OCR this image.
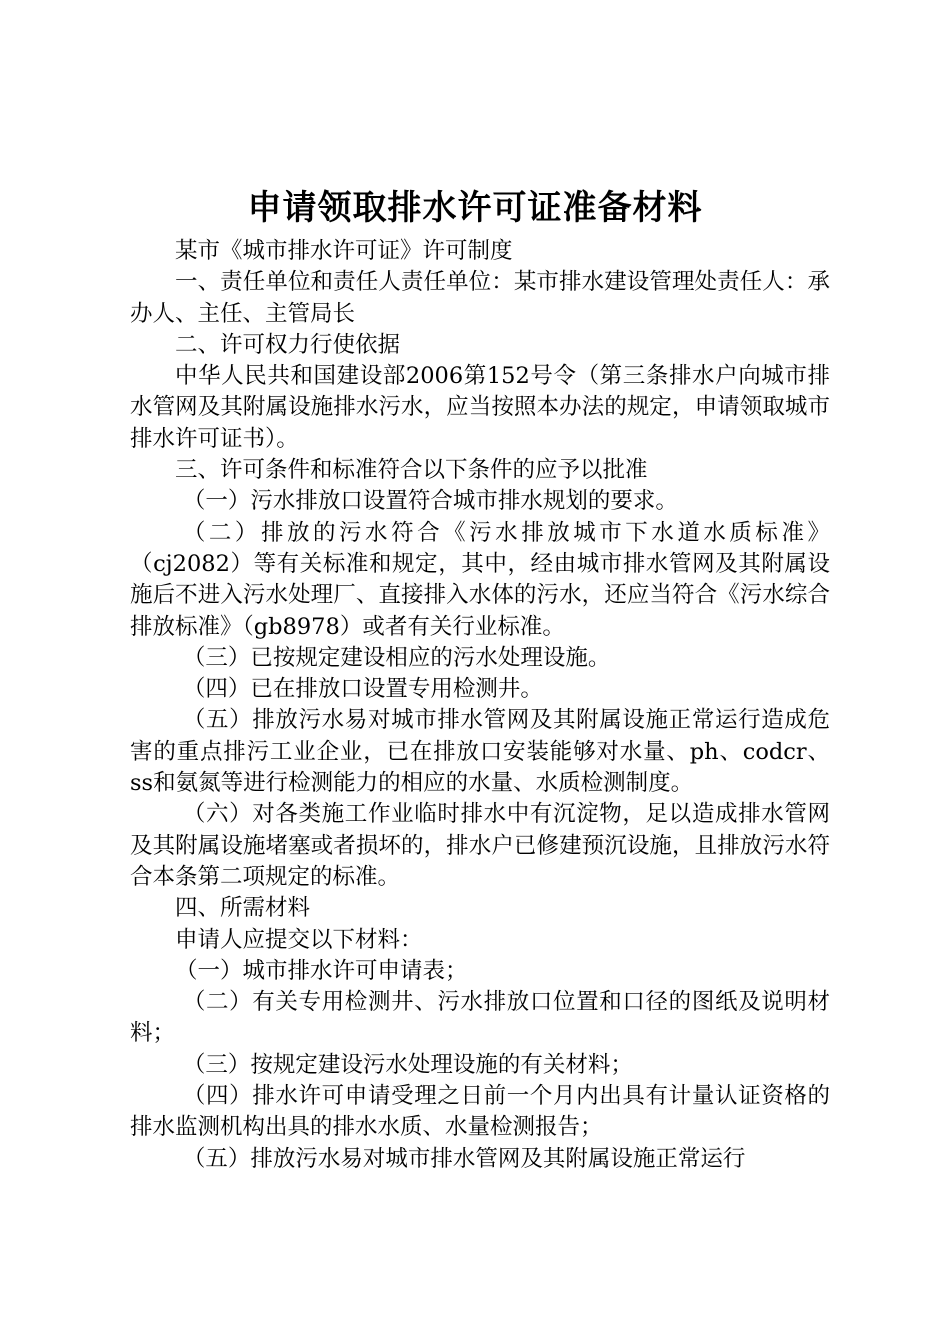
申请领取排水许可证准备材料

某市《城市排水许可证》许可制度

一、责任单位和责任人责任单位：某市排水建设管理处责任人：承办人、主任、主管局长

二、许可权力行使依据

中华人民共和国建设部2006第152号令（第三条排水户向城市排水管网及其附属设施排水污水，应当按照本办法的规定，申请领取城市排水许可证书）。

三、许可条件和标准符合以下条件的应予以批准

（一）污水排放口设置符合城市排水规划的要求。

（二）排放的污水符合《污水排放城市下水道水质标准》（cj2082）等有关标准和规定，其中，经由城市排水管网及其附属设施后不进入污水处理厂、直接排入水体的污水，还应当符合《污水综合排放标准》（gb8978）或者有关行业标准。

（三）已按规定建设相应的污水处理设施。

（四）已在排放口设置专用检测井。

（五）排放污水易对城市排水管网及其附属设施正常运行造成危害的重点排污工业企业，已在排放口安装能够对水量、ph、codcr、ss和氨氮等进行检测能力的相应的水量、水质检测制度。

（六）对各类施工作业临时排水中有沉淀物，足以造成排水管网及其附属设施堵塞或者损坏的，排水户已修建预沉设施，且排放污水符合本条第二项规定的标准。

四、所需材料

申请人应提交以下材料：

（一）城市排水许可申请表；

（二）有关专用检测井、污水排放口位置和口径的图纸及说明材料；

（三）按规定建设污水处理设施的有关材料；

（四）排水许可申请受理之日前一个月内出具有计量认证资格的排水监测机构出具的排水水质、水量检测报告；

（五）排放污水易对城市排水管网及其附属设施正常运行
